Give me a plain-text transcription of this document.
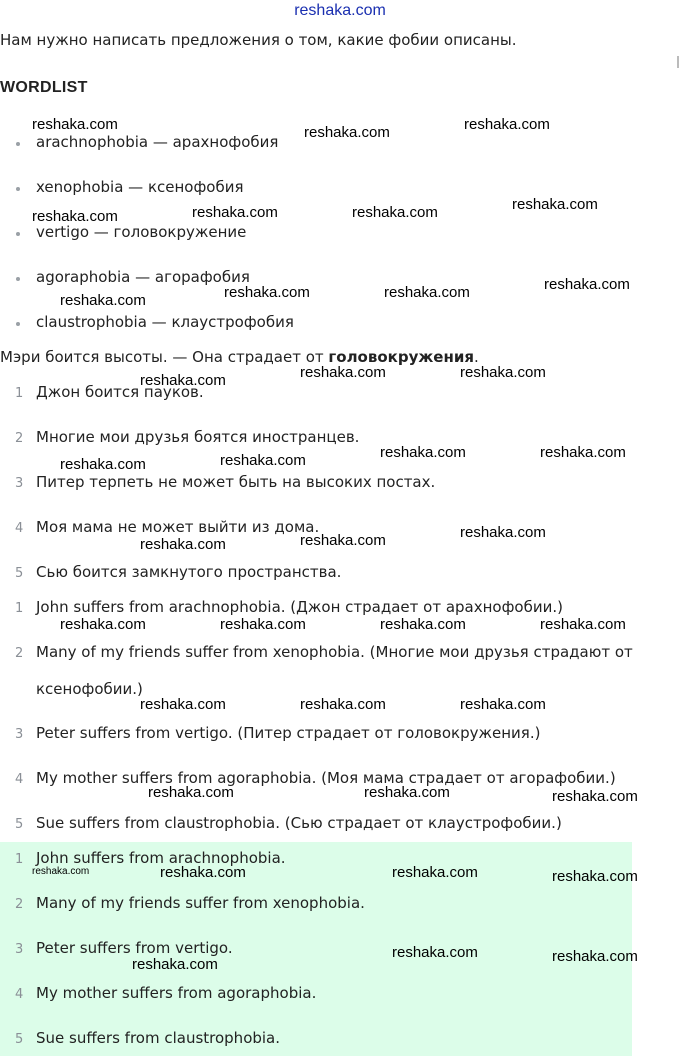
reshaka.com
Нам нужно написать предложения о том, какие фобии описаны.
WORDLIST
arachnophobia — арахнофобия
xenophobia — ксенофобия
vertigo — головокружение
agoraphobia — агорафобия
claustrophobia — клаустрофобия
Мэри боится высоты. — Она страдает от головокружения.
1 Джон боится пауков.
2 Многие мои друзья боятся иностранцев.
3 Питер терпеть не может быть на высоких постах.
4 Моя мама не может выйти из дома.
5 Сью боится замкнутого пространства.
1 John suffers from arachnophobia. (Джон страдает от арахнофобии.)
2 Many of my friends suffer from xenophobia. (Многие мои друзья страдают от
ксенофобии.)
3 Peter suffers from vertigo. (Питер страдает от головокружения.)
4 My mother suffers from agoraphobia. (Моя мама страдает от агорафобии.)
5 Sue suffers from claustrophobia. (Сью страдает от клаустрофобии.)
1 John suffers from arachnophobia.
2 Many of my friends suffer from xenophobia.
3 Peter suffers from vertigo.
4 My mother suffers from agoraphobia.
5 Sue suffers from claustrophobia.
reshaka.com	reshaka.com	reshaka.com
reshaka.com	reshaka.com	reshaka.com	reshaka.com
reshaka.com	reshaka.com	reshaka.com	reshaka.com
reshaka.com	reshaka.com	reshaka.com
reshaka.com	reshaka.com	reshaka.com	reshaka.com
reshaka.com	reshaka.com	reshaka.com
reshaka.com	reshaka.com	reshaka.com	reshaka.com
reshaka.com	reshaka.com	reshaka.com
reshaka.com	reshaka.com	reshaka.com
reshaka.com	reshaka.com	reshaka.com	reshaka.com
reshaka.com
reshaka.com	reshaka.com
